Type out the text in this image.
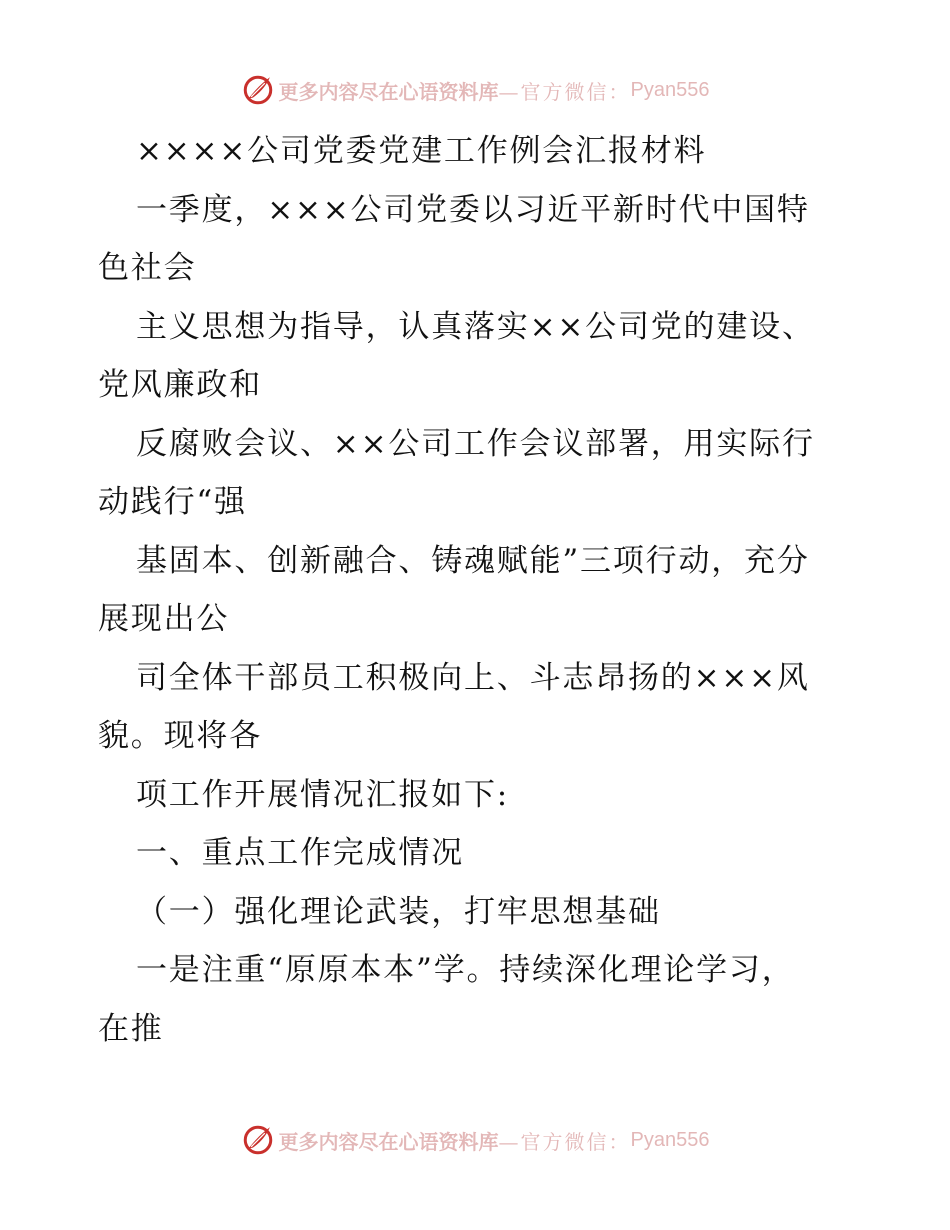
更多内容尽在心语资料库 —官方微信： Pyan556
××××公司党委党建工作例会汇报材料
一季度，×××公司党委以习近平新时代中国特
色社会
主义思想为指导，认真落实××公司党的建设、
党风廉政和
反腐败会议、××公司工作会议部署，用实际行
动践行“强
基固本、创新融合、铸魂赋能”三项行动，充分
展现出公
司全体干部员工积极向上、斗志昂扬的×××风
貌。现将各
项工作开展情况汇报如下:
一、重点工作完成情况
（一）强化理论武装，打牢思想基础
一是注重“原原本本”学。持续深化理论学习，
在推
更多内容尽在心语资料库 —官方微信： Pyan556
